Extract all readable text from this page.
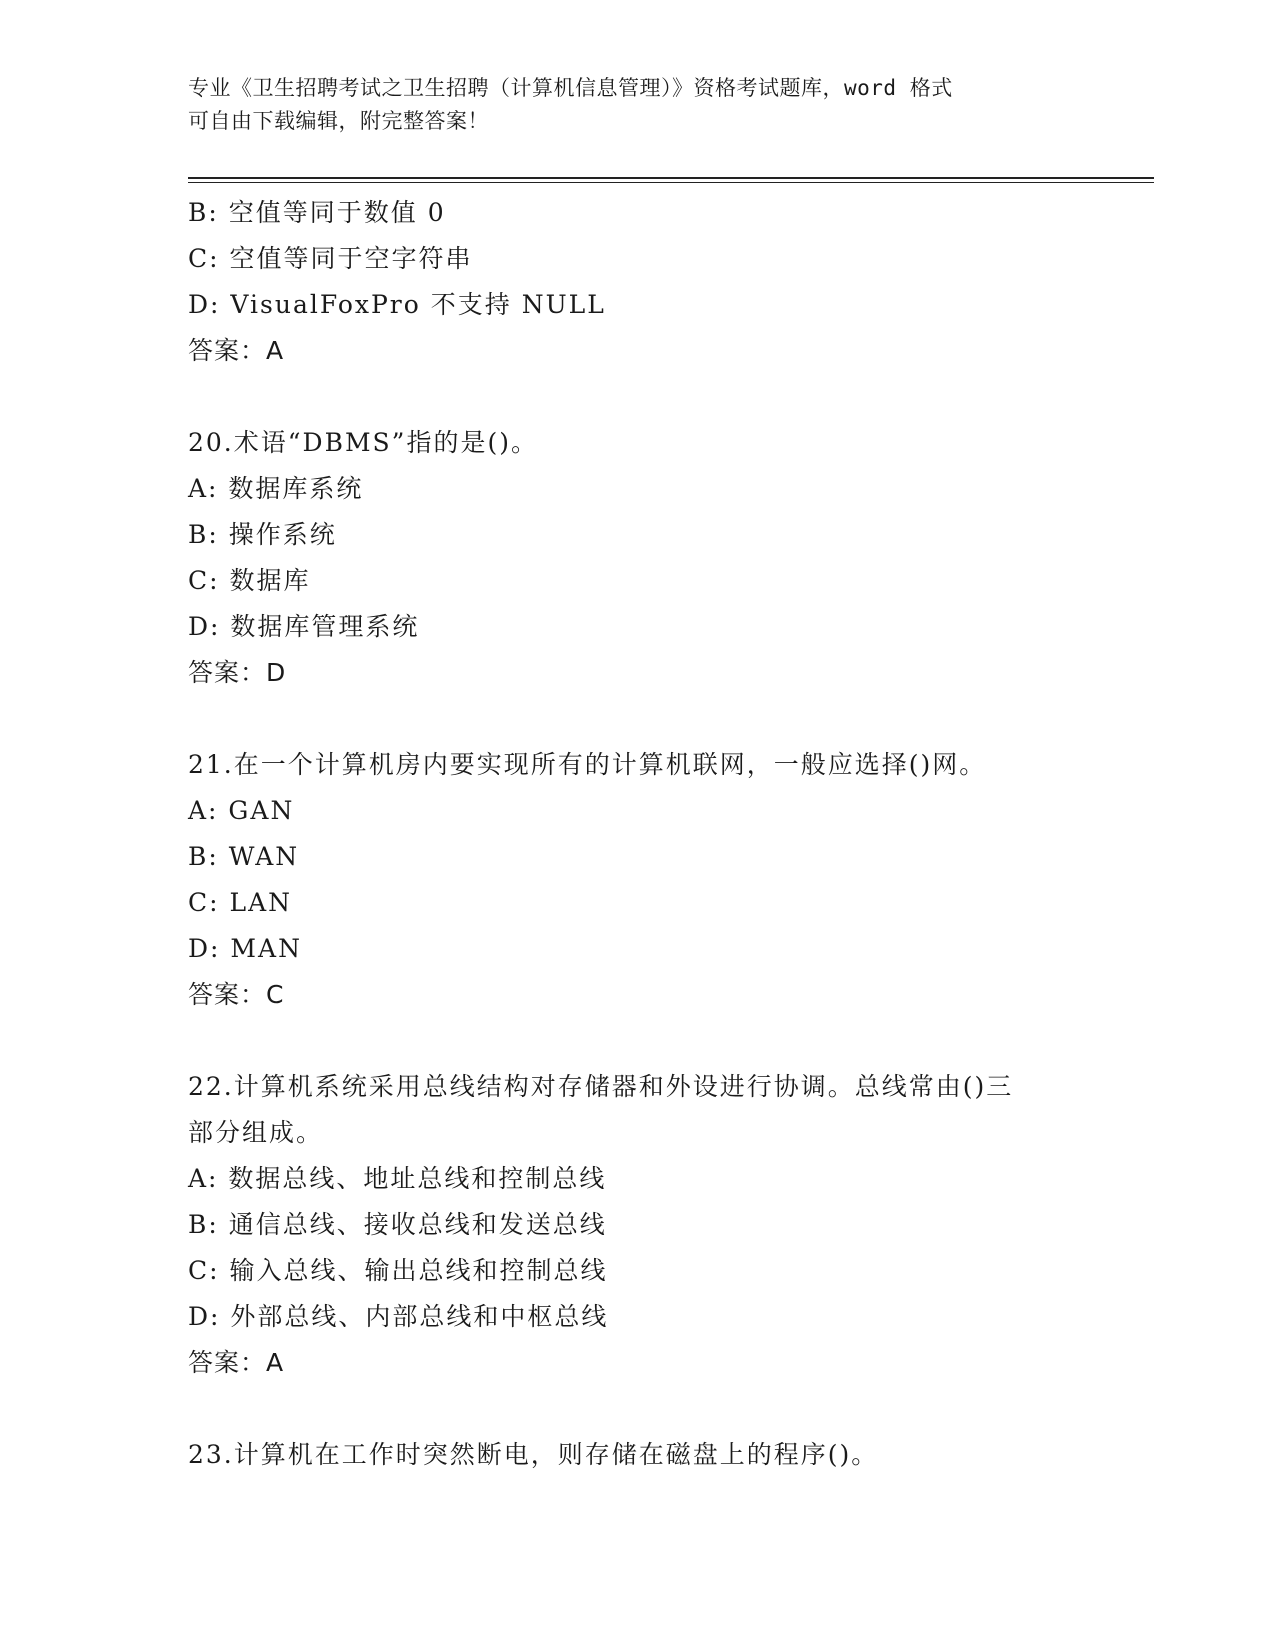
专业《卫生招聘考试之卫生招聘（计算机信息管理）》资格考试题库，word 格式
可自由下载编辑，附完整答案！
B: 空值等同于数值 0
C: 空值等同于空字符串
D: VisualFoxPro 不支持 NULL
答案：A
20.术语“DBMS”指的是()。
A: 数据库系统
B: 操作系统
C: 数据库
D: 数据库管理系统
答案：D
21.在一个计算机房内要实现所有的计算机联网，一般应选择()网。
A: GAN
B: WAN
C: LAN
D: MAN
答案：C
22.计算机系统采用总线结构对存储器和外设进行协调。总线常由()三
部分组成。
A: 数据总线、地址总线和控制总线
B: 通信总线、接收总线和发送总线
C: 输入总线、输出总线和控制总线
D: 外部总线、内部总线和中枢总线
答案：A
23.计算机在工作时突然断电，则存储在磁盘上的程序()。
